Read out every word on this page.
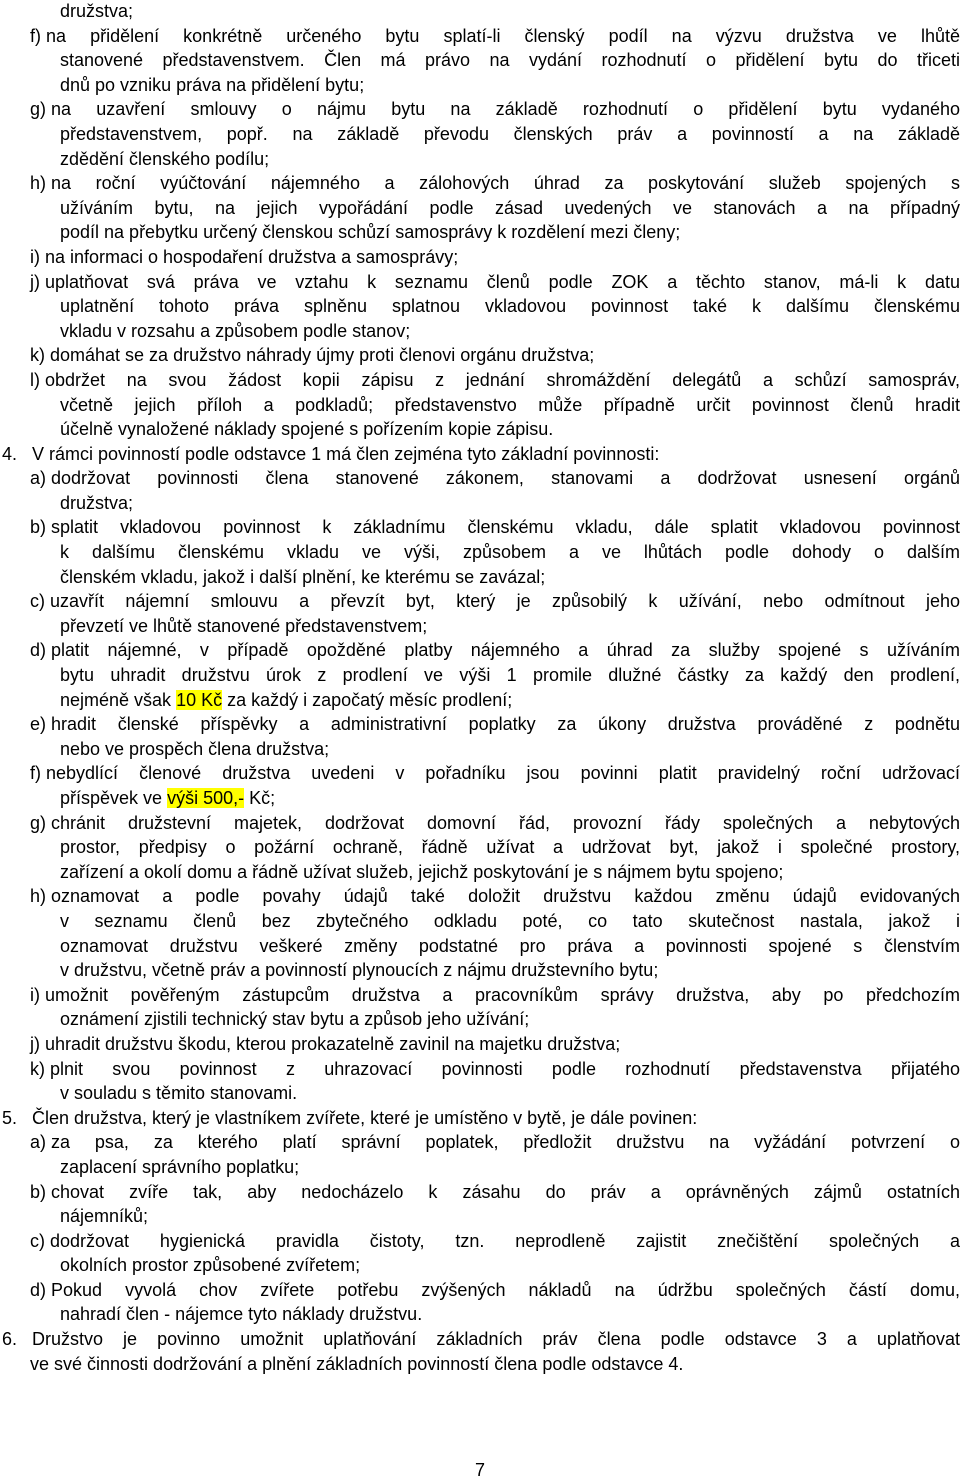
družstva;
f) na přidělení konkrétně určeného bytu splatí-li členský podíl na výzvu družstva ve lhůtě
stanovené představenstvem. Člen má právo na vydání rozhodnutí o přidělení bytu do třiceti
dnů po vzniku práva na přidělení bytu;
g) na uzavření smlouvy o nájmu bytu na základě rozhodnutí o přidělení bytu vydaného
představenstvem, popř. na základě převodu členských práv a povinností a na základě
zdědění členského podílu;
h) na roční vyúčtování nájemného a zálohových úhrad za poskytování služeb spojených s
užíváním bytu, na jejich vypořádání podle zásad uvedených ve stanovách a na případný
podíl na přebytku určený členskou schůzí samosprávy k rozdělení mezi členy;
i) na informaci o hospodaření družstva a samosprávy;
j) uplatňovat svá práva ve vztahu k seznamu členů podle ZOK a těchto stanov, má-li k datu
uplatnění tohoto práva splněnu splatnou vkladovou povinnost také k dalšímu členskému
vkladu v rozsahu a způsobem podle stanov;
k) domáhat se za družstvo náhrady újmy proti členovi orgánu družstva;
l) obdržet na svou žádost kopii zápisu z jednání shromáždění delegátů a schůzí samospráv,
včetně jejich příloh a podkladů; představenstvo může případně určit povinnost členů hradit
účelně vynaložené náklady spojené s pořízením kopie zápisu.
4. V rámci povinností podle odstavce 1 má člen zejména tyto základní povinnosti:
a) dodržovat povinnosti člena stanovené zákonem, stanovami a dodržovat usnesení orgánů
družstva;
b) splatit vkladovou povinnost k základnímu členskému vkladu, dále splatit vkladovou povinnost
k dalšímu členskému vkladu ve výši, způsobem a ve lhůtách podle dohody o dalším
členském vkladu, jakož i další plnění, ke kterému se zavázal;
c) uzavřít nájemní smlouvu a převzít byt, který je způsobilý k užívání, nebo odmítnout jeho
převzetí ve lhůtě stanovené představenstvem;
d) platit nájemné, v případě opožděné platby nájemného a úhrad za služby spojené s užíváním
bytu uhradit družstvu úrok z prodlení ve výši 1 promile dlužné částky za každý den prodlení,
nejméně však 10 Kč za každý i započatý měsíc prodlení;
e) hradit členské příspěvky a administrativní poplatky za úkony družstva prováděné z podnětu
nebo ve prospěch člena družstva;
f) nebydlící členové družstva uvedeni v pořadníku jsou povinni platit pravidelný roční udržovací
příspěvek ve výši 500,- Kč;
g) chránit družstevní majetek, dodržovat domovní řád, provozní řády společných a nebytových
prostor, předpisy o požární ochraně, řádně užívat a udržovat byt, jakož i společné prostory,
zařízení a okolí domu a řádně užívat služeb, jejichž poskytování je s nájmem bytu spojeno;
h) oznamovat a podle povahy údajů také doložit družstvu každou změnu údajů evidovaných
v seznamu členů bez zbytečného odkladu poté, co tato skutečnost nastala, jakož i
oznamovat družstvu veškeré změny podstatné pro práva a povinnosti spojené s členstvím
v družstvu, včetně práv a povinností plynoucích z nájmu družstevního bytu;
i) umožnit pověřeným zástupcům družstva a pracovníkům správy družstva, aby po předchozím
oznámení zjistili technický stav bytu a způsob jeho užívání;
j) uhradit družstvu škodu, kterou prokazatelně zavinil na majetku družstva;
k) plnit svou povinnost z uhrazovací povinnosti podle rozhodnutí představenstva přijatého
v souladu s těmito stanovami.
5. Člen družstva, který je vlastníkem zvířete, které je umístěno v bytě, je dále povinen:
a) za psa, za kterého platí správní poplatek, předložit družstvu na vyžádání potvrzení o
zaplacení správního poplatku;
b) chovat zvíře tak, aby nedocházelo k zásahu do práv a oprávněných zájmů ostatních
nájemníků;
c) dodržovat hygienická pravidla čistoty, tzn. neprodleně zajistit znečištění společných a
okolních prostor způsobené zvířetem;
d) Pokud vyvolá chov zvířete potřebu zvýšených nákladů na údržbu společných částí domu,
nahradí člen - nájemce tyto náklady družstvu.
6. Družstvo je povinno umožnit uplatňování základních práv člena podle odstavce 3 a uplatňovat
ve své činnosti dodržování a plnění základních povinností člena podle odstavce 4.
7
